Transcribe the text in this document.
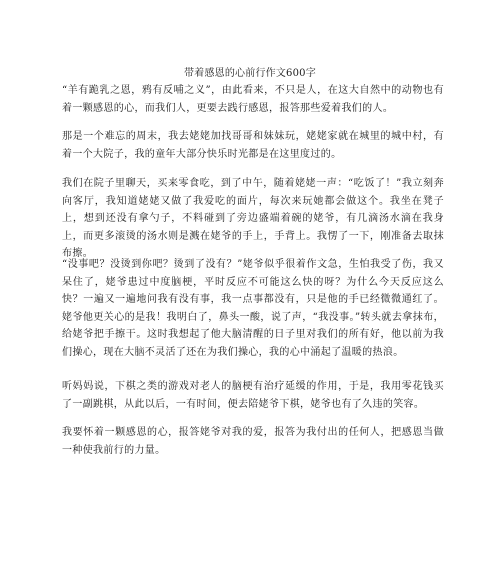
带着感恩的心前行作文600字

“羊有跪乳之恩，鸦有反哺之义”，由此看来，不只是人，在这大自然中的动物也有着一颗感恩的心，而我们人，更要去践行感恩，报答那些爱着我们的人。

那是一个难忘的周末，我去姥姥加找哥哥和妹妹玩，姥姥家就在城里的城中村，有着一个大院子，我的童年大部分快乐时光都是在这里度过的。

我们在院子里聊天，买来零食吃，到了中午，随着姥姥一声：“吃饭了！”我立刻奔向客厅，我知道姥姥又做了我爱吃的面片，每次来玩她都会做这个。我坐在凳子上，想到还没有拿勺子，不料碰到了旁边盛端着碗的姥爷，有几滴汤水滴在我身上，而更多滚烫的汤水则是溅在姥爷的手上，手背上。我愣了一下，刚准备去取抹布擦。

“没事吧？没烫到你吧？烫到了没有？”姥爷似乎很着作文急，生怕我受了伤，我又呆住了，姥爷患过中度脑梗，平时反应不可能这么快的呀？为什么今天反应这么快？一遍又一遍地问我有没有事，我一点事都没有，只是他的手已经微微通红了。姥爷他更关心的是我！我明白了，鼻头一酸，说了声，“我没事。”转头就去拿抹布，给姥爷把手擦干。这时我想起了他大脑清醒的日子里对我们的所有好，他以前为我们操心，现在大脑不灵活了还在为我们操心，我的心中涌起了温暖的热浪。

听妈妈说，下棋之类的游戏对老人的脑梗有治疗延缓的作用，于是，我用零花钱买了一副跳棋，从此以后，一有时间，便去陪姥爷下棋，姥爷也有了久违的笑容。

我要怀着一颗感恩的心，报答姥爷对我的爱，报答为我付出的任何人，把感恩当做一种使我前行的力量。
